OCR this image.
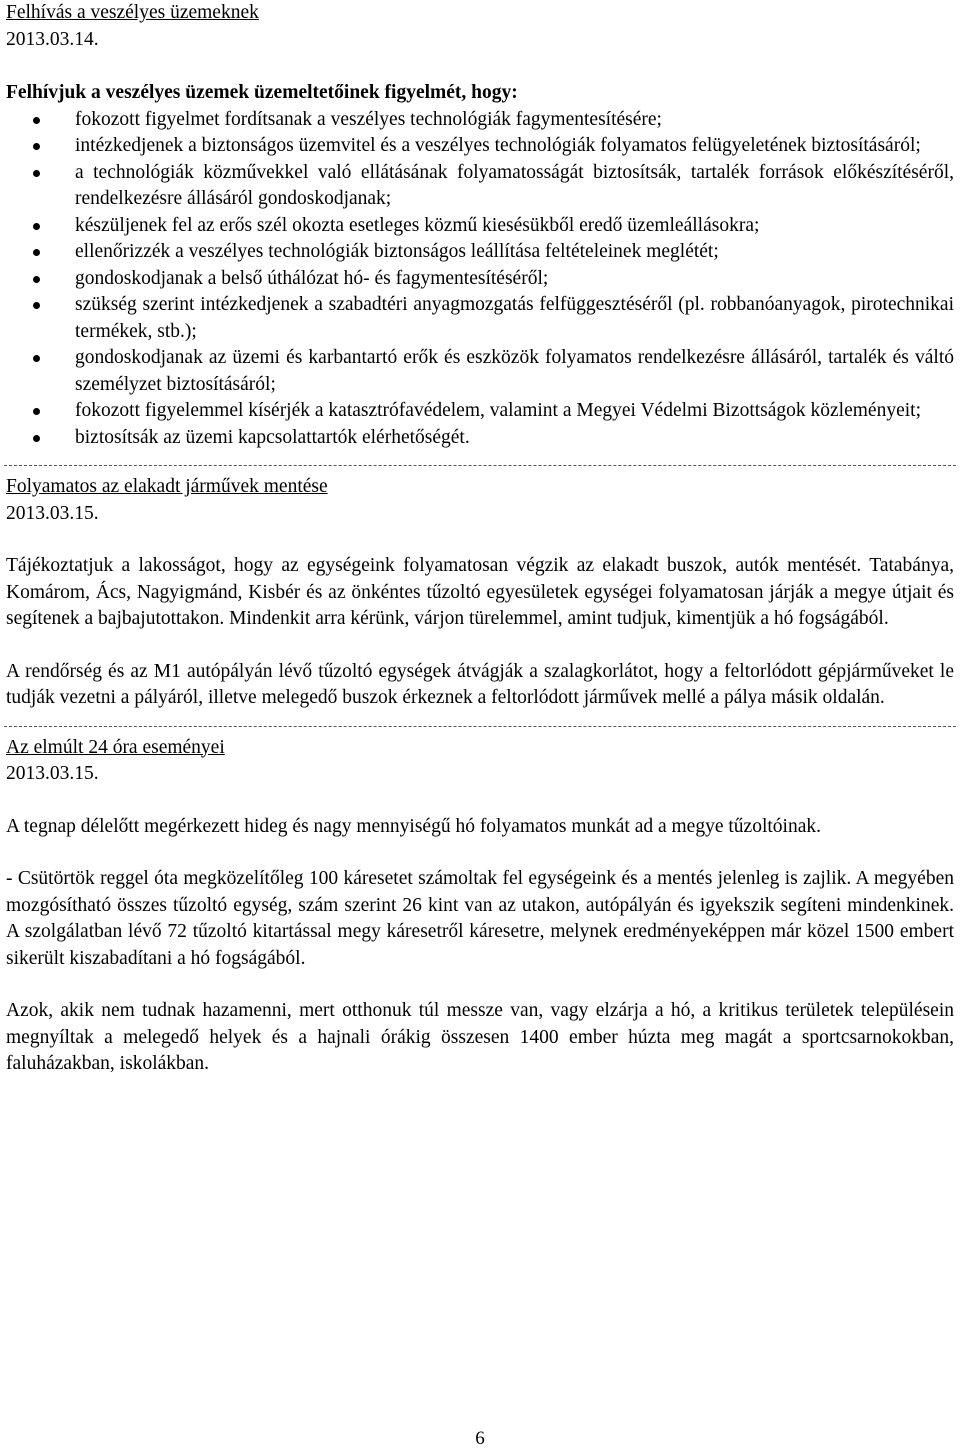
Felhívás a veszélyes üzemeknek
2013.03.14.
Felhívjuk a veszélyes üzemek üzemeltetőinek figyelmét, hogy:
fokozott figyelmet fordítsanak a veszélyes technológiák fagymentesítésére;
intézkedjenek a biztonságos üzemvitel és a veszélyes technológiák folyamatos felügyeletének biztosításáról;
a technológiák közművekkel való ellátásának folyamatosságát biztosítsák, tartalék források előkészítéséről, rendelkezésre állásáról gondoskodjanak;
készüljenek fel az erős szél okozta esetleges közmű kiesésükből eredő üzemleállásokra;
ellenőrizzék a veszélyes technológiák biztonságos leállítása feltételeinek meglétét;
gondoskodjanak a belső úthálózat hó- és fagymentesítéséről;
szükség szerint intézkedjenek a szabadtéri anyagmozgatás felfüggesztéséről (pl. robbanóanyagok, pirotechnikai termékek, stb.);
gondoskodjanak az üzemi és karbantartó erők és eszközök folyamatos rendelkezésre állásáról, tartalék és váltó személyzet biztosításáról;
fokozott figyelemmel kísérjék a katasztrófavédelem, valamint a Megyei Védelmi Bizottságok közleményeit;
biztosítsák az üzemi kapcsolattartók elérhetőségét.
Folyamatos az elakadt járművek mentése
2013.03.15.

Tájékoztatjuk a lakosságot, hogy az egységeink folyamatosan végzik az elakadt buszok, autók mentését. Tatabánya, Komárom, Ács, Nagyigmánd, Kisbér és az önkéntes tűzoltó egyesületek egységei folyamatosan járják a megye útjait és segítenek a bajbajutottakon. Mindenkit arra kérünk, várjon türelemmel, amint tudjuk, kimentjük a hó fogságából.

A rendőrség és az M1 autópályán lévő tűzoltó egységek átvágják a szalagkorlátot, hogy a feltorlódott gépjárműveket le tudják vezetni a pályáról, illetve melegedő buszok érkeznek a feltorlódott járművek mellé a pálya másik oldalán.

Az elmúlt 24 óra eseményei
2013.03.15.

A tegnap délelőtt megérkezett hideg és nagy mennyiségű hó folyamatos munkát ad a megye tűzoltóinak.

- Csütörtök reggel óta megközelítőleg 100 káresetet számoltak fel egységeink és a mentés jelenleg is zajlik. A megyében mozgósítható összes tűzoltó egység, szám szerint 26 kint van az utakon, autópályán és igyekszik segíteni mindenkinek. A szolgálatban lévő 72 tűzoltó kitartással megy káresetről káresetre, melynek eredményeképpen már közel 1500 embert sikerült kiszabadítani a hó fogságából.

Azok, akik nem tudnak hazamenni, mert otthonuk túl messze van, vagy elzárja a hó, a kritikus területek településein megnyíltak a melegedő helyek és a hajnali órákig összesen 1400 ember húzta meg magát a sportcsarnokokban, faluházakban, iskolákban.

6
